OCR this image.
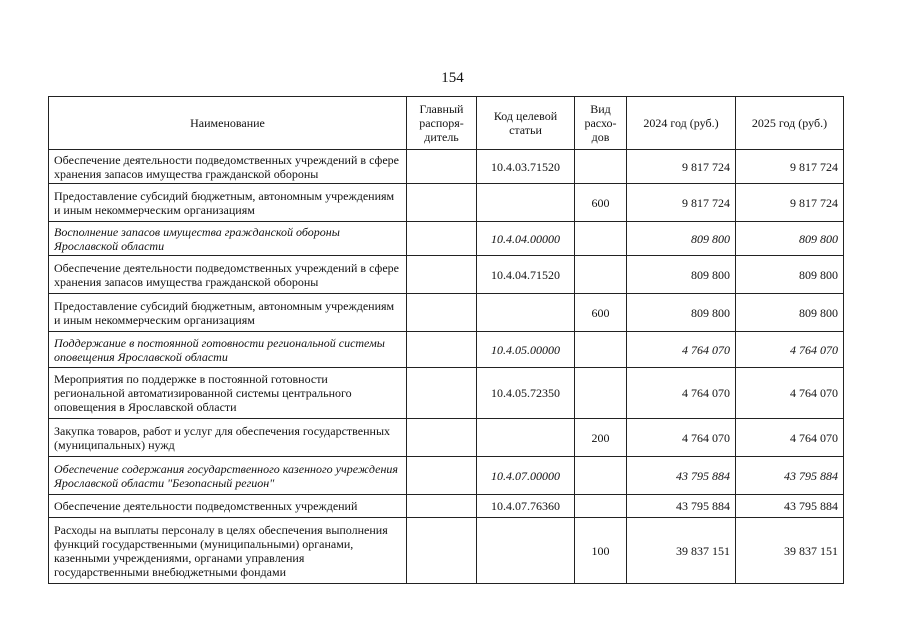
154
Наименование	Главный распоря-дитель	Код целевой статьи	Вид расхо-дов	2024 год (руб.)	2025 год (руб.)
Обеспечение деятельности подведомственных учреждений в сфере хранения запасов имущества гражданской обороны		10.4.03.71520		9 817 724	9 817 724
Предоставление субсидий бюджетным, автономным учреждениям и иным некоммерческим организациям			600	9 817 724	9 817 724
Восполнение запасов имущества гражданской обороны Ярославской области		10.4.04.00000		809 800	809 800
Обеспечение деятельности подведомственных учреждений в сфере хранения запасов имущества гражданской обороны		10.4.04.71520		809 800	809 800
Предоставление субсидий бюджетным, автономным учреждениям и иным некоммерческим организациям			600	809 800	809 800
Поддержание в постоянной готовности региональной системы оповещения Ярославской области		10.4.05.00000		4 764 070	4 764 070
Мероприятия по поддержке в постоянной готовности региональной автоматизированной системы центрального оповещения в Ярославской области		10.4.05.72350		4 764 070	4 764 070
Закупка товаров, работ и услуг для обеспечения государственных (муниципальных) нужд			200	4 764 070	4 764 070
Обеспечение содержания государственного казенного учреждения Ярославской области "Безопасный регион"		10.4.07.00000		43 795 884	43 795 884
Обеспечение деятельности подведомственных учреждений		10.4.07.76360		43 795 884	43 795 884
Расходы на выплаты персоналу в целях обеспечения выполнения функций государственными (муниципальными) органами, казенными учреждениями, органами управления государственными внебюджетными фондами			100	39 837 151	39 837 151
